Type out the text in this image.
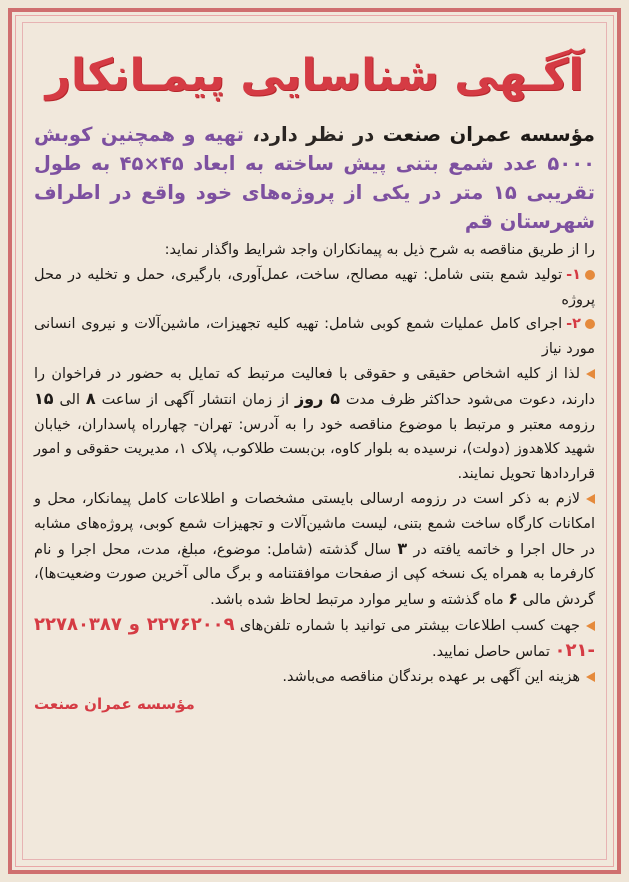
آگـهی شناسایی پیمـانکار

مؤسسه عمران صنعت در نظر دارد، تهیه و همچنین کوبش ۵۰۰۰ عدد شمع بتنی پیش ساخته به ابعاد ۴۵×۴۵ به طول تقریبی ۱۵ متر در یکی از پروژه‌های خود واقع در اطراف شهرستان قم

را از طریق مناقصه به شرح ذیل به پیمانکاران واجد شرایط واگذار نماید:

۱-تولید شمع بتنی شامل: تهیه مصالح، ساخت، عمل‌آوری، بارگیری، حمل و تخلیه در محل پروژه

۲-اجرای کامل عملیات شمع کوبی شامل: تهیه کلیه تجهیزات، ماشین‌آلات و نیروی انسانی مورد نیاز

لذا از کلیه اشخاص حقیقی و حقوقی با فعالیت مرتبط که تمایل به حضور در فراخوان را دارند، دعوت می‌شود حداکثر ظرف مدت ۵ روز از زمان انتشار آگهی از ساعت ۸ الی ۱۵ رزومه معتبر و مرتبط با موضوع مناقصه خود را به آدرس: تهران- چهارراه پاسداران، خیابان شهید کلاهدوز (دولت)، نرسیده به بلوار کاوه، بن‌بست طلاکوب، پلاک ۱، مدیریت حقوقی و امور قراردادها تحویل نمایند.

لازم به ذکر است در رزومه ارسالی بایستی مشخصات و اطلاعات کامل پیمانکار، محل و امکانات کارگاه ساخت شمع بتنی، لیست ماشین‌آلات و تجهیزات شمع کوبی، پروژه‌های مشابه در حال اجرا و خاتمه یافته در ۳ سال گذشته (شامل: موضوع، مبلغ، مدت، محل اجرا و نام کارفرما به همراه یک نسخه کپی از صفحات موافقتنامه و برگ مالی آخرین صورت وضعیت‌ها)، گردش مالی ۶ ماه گذشته و سایر موارد مرتبط لحاظ شده باشد.

جهت کسب اطلاعات بیشتر می توانید با شماره تلفن‌های ۲۲۷۶۲۰۰۹ و ۲۲۷۸۰۳۸۷ -۰۲۱ تماس حاصل نمایید.

هزینه این آگهی بر عهده برندگان مناقصه می‌باشد.

مؤسسه عمران صنعت
